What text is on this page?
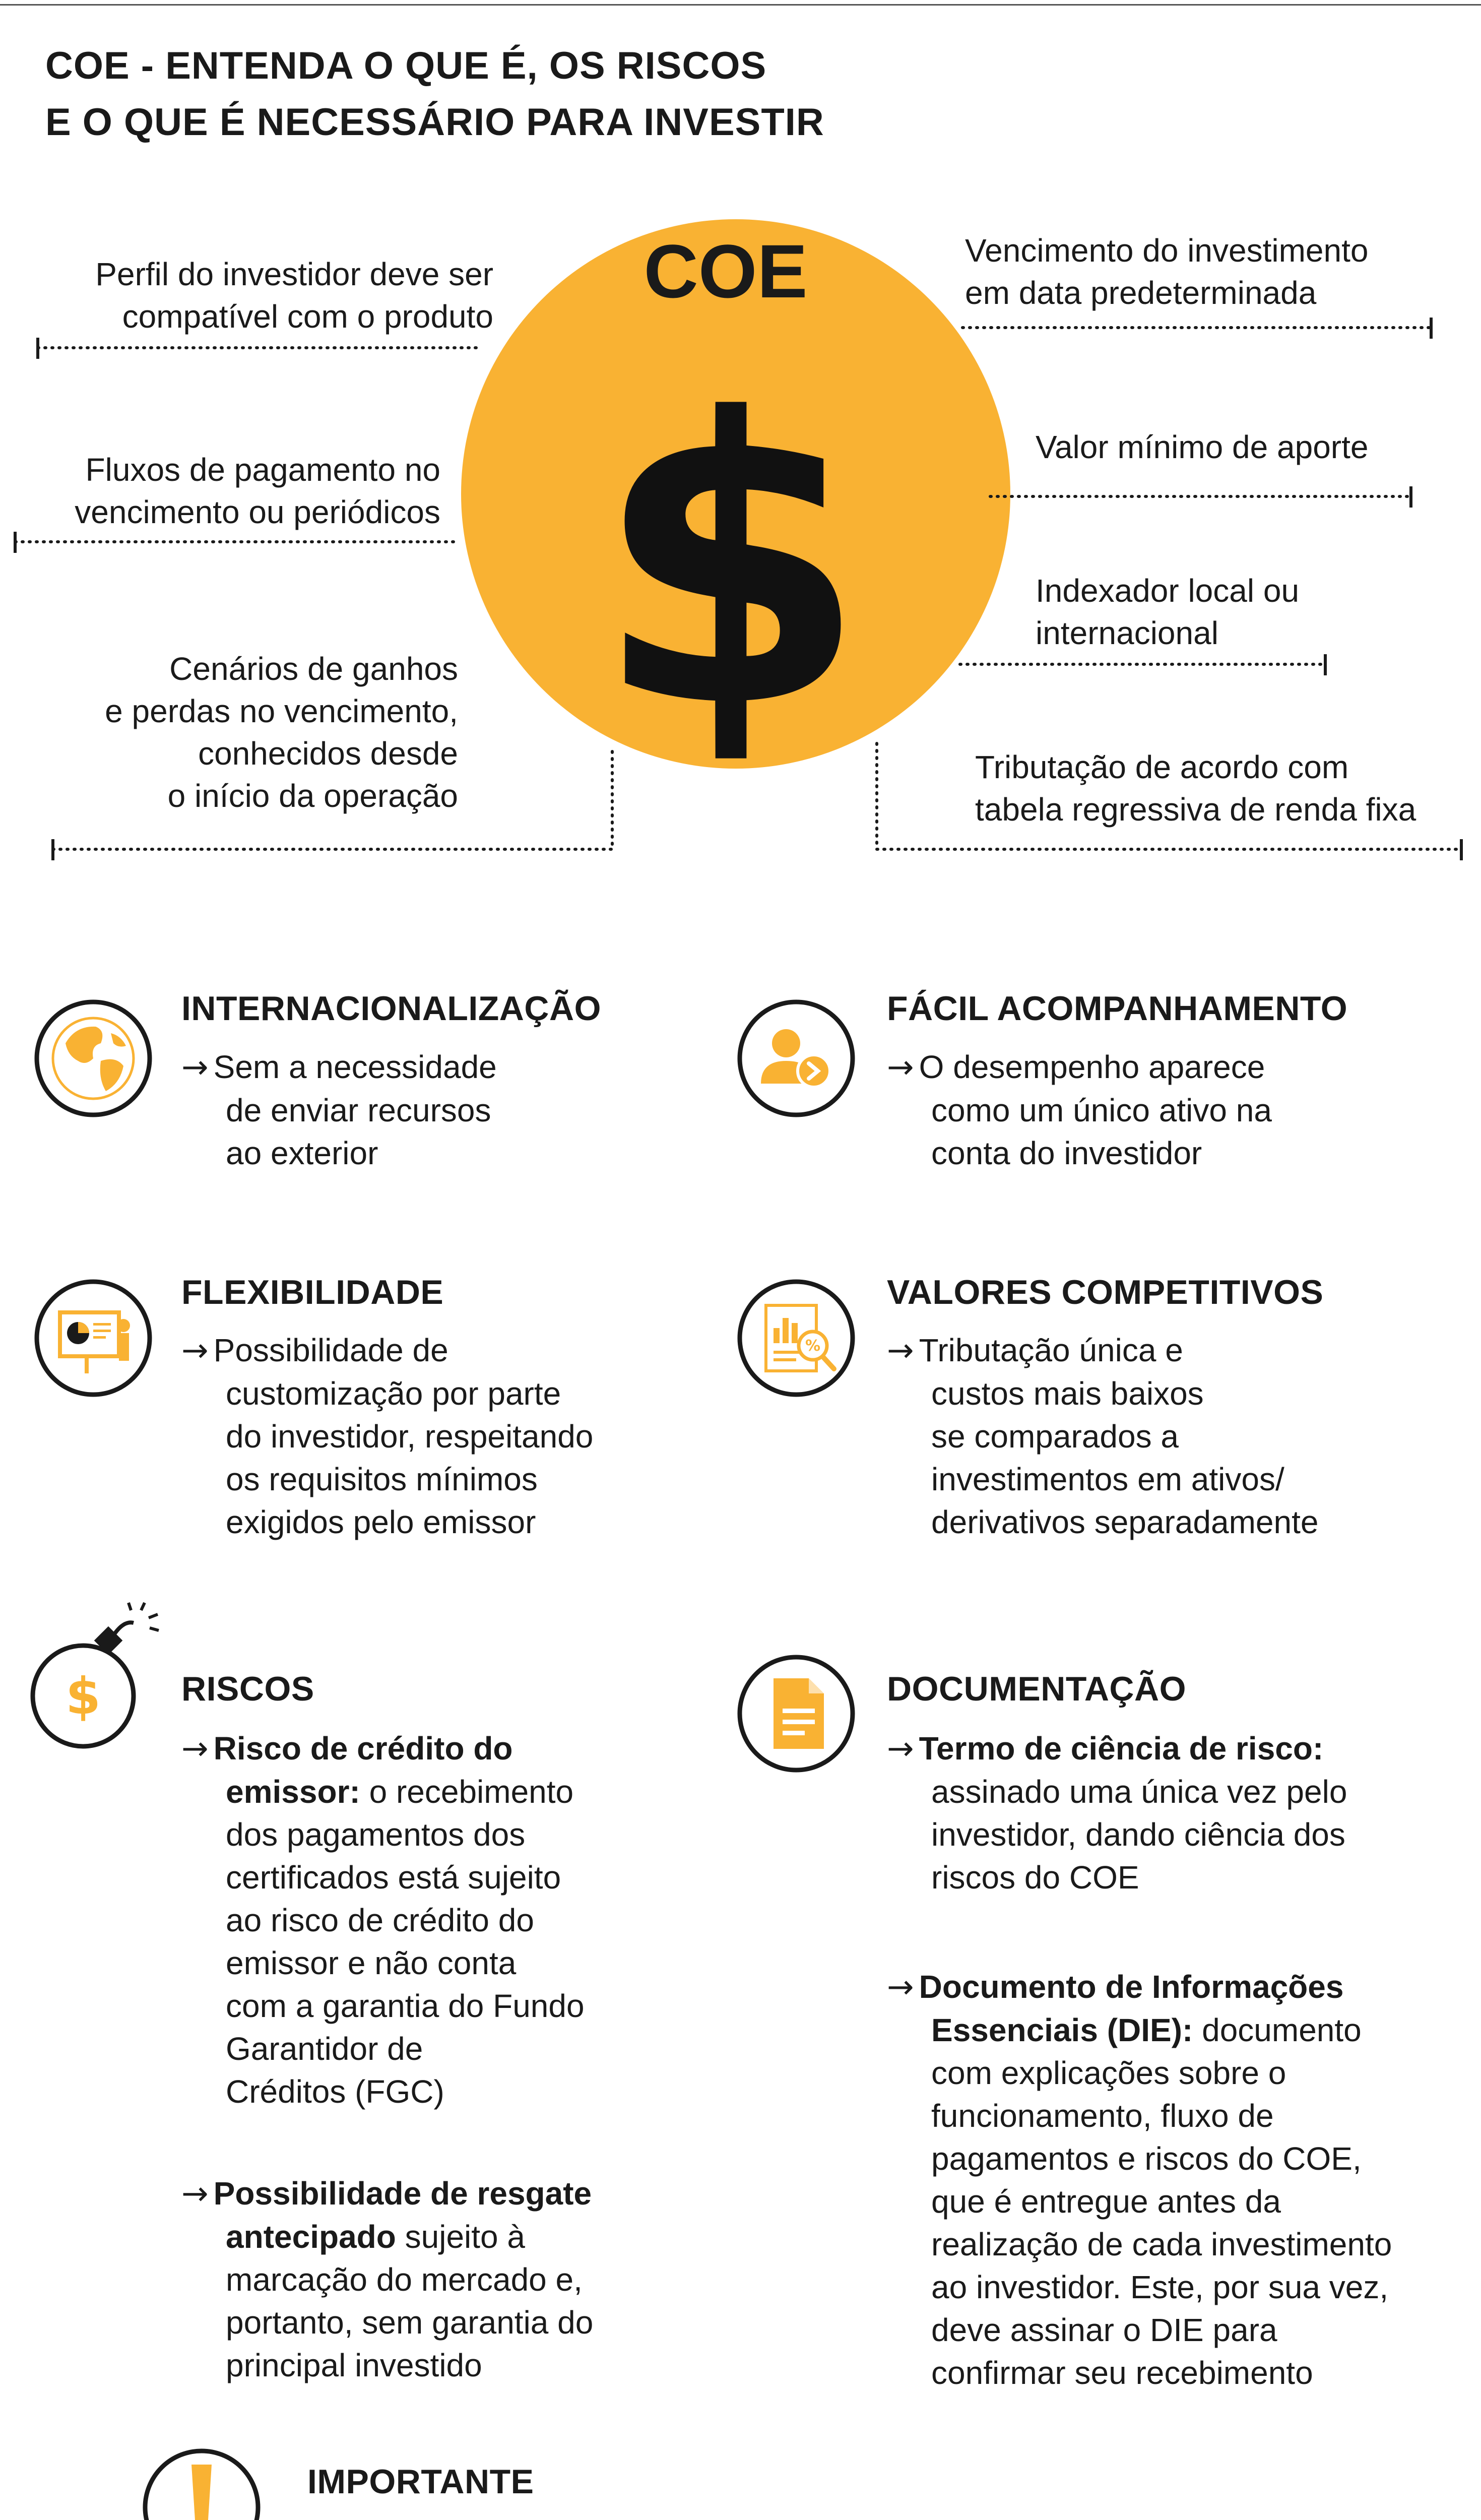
COE - ENTENDA O QUE É, OS RISCOS
E O QUE É NECESSÁRIO PARA INVESTIR
COE
$
Perfil do investidor deve ser
compatível com o produto
Fluxos de pagamento no
vencimento ou periódicos
Cenários de ganhos
e perdas no vencimento,
conhecidos desde
o início da operação
Vencimento do investimento
em data predeterminada
Valor mínimo de aporte
Indexador local ou
internacional
Tributação de acordo com
tabela regressiva de renda fixa
%
$
INTERNACIONALIZAÇÃO
→ Sem a necessidade
de enviar recursos
ao exterior
FÁCIL ACOMPANHAMENTO
→ O desempenho aparece
como um único ativo na
conta do investidor
FLEXIBILIDADE
→ Possibilidade de
customização por parte
do investidor, respeitando
os requisitos mínimos
exigidos pelo emissor
VALORES COMPETITIVOS
→ Tributação única e
custos mais baixos
se comparados a
investimentos em ativos/
derivativos separadamente
RISCOS
→ Risco de crédito do
emissor: o recebimento
dos pagamentos dos
certificados está sujeito
ao risco de crédito do
emissor e não conta
com a garantia do Fundo
Garantidor de
Créditos (FGC)
→ Possibilidade de resgate
antecipado sujeito à
marcação do mercado e,
portanto, sem garantia do
principal investido
DOCUMENTAÇÃO
→ Termo de ciência de risco:
assinado uma única vez pelo
investidor, dando ciência dos
riscos do COE
→ Documento de Informações
Essenciais (DIE): documento
com explicações sobre o
funcionamento, fluxo de
pagamentos e riscos do COE,
que é entregue antes da
realização de cada investimento
ao investidor. Este, por sua vez,
deve assinar o DIE para
confirmar seu recebimento
IMPORTANTE
